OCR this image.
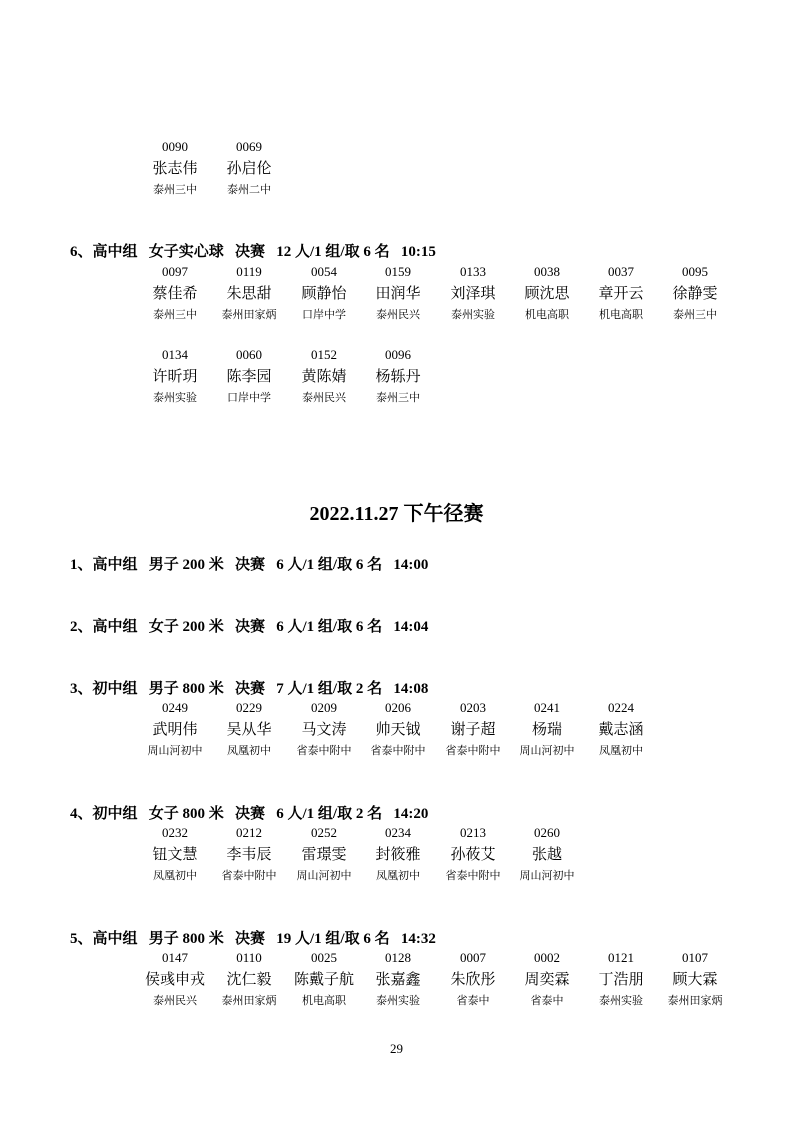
0090
张志伟
泰州三中
0069
孙启伦
泰州二中
6、高中组   女子实心球   决赛   12 人/1 组/取 6 名   10:15
0097
蔡佳希
泰州三中
0119
朱思甜
泰州田家炳
0054
顾静怡
口岸中学
0159
田润华
泰州民兴
0133
刘泽琪
泰州实验
0038
顾沈思
机电高职
0037
章开云
机电高职
0095
徐静雯
泰州三中
0134
许昕玥
泰州实验
0060
陈李园
口岸中学
0152
黄陈婧
泰州民兴
0096
杨轹丹
泰州三中
2022.11.27 下午径赛
1、高中组   男子 200 米   决赛   6 人/1 组/取 6 名   14:00
2、高中组   女子 200 米   决赛   6 人/1 组/取 6 名   14:04
3、初中组   男子 800 米   决赛   7 人/1 组/取 2 名   14:08
0249
武明伟
周山河初中
0229
吴从华
凤凰初中
0209
马文涛
省泰中附中
0206
帅天钺
省泰中附中
0203
谢子超
省泰中附中
0241
杨瑞
周山河初中
0224
戴志涵
凤凰初中
4、初中组   女子 800 米   决赛   6 人/1 组/取 2 名   14:20
0232
钮文慧
凤凰初中
0212
李韦辰
省泰中附中
0252
雷璟雯
周山河初中
0234
封筱雅
凤凰初中
0213
孙莜艾
省泰中附中
0260
张越
周山河初中
5、高中组   男子 800 米   决赛   19 人/1 组/取 6 名   14:32
0147
侯彧申戎
泰州民兴
0110
沈仁毅
泰州田家炳
0025
陈戴子航
机电高职
0128
张嘉鑫
泰州实验
0007
朱欣彤
省泰中
0002
周奕霖
省泰中
0121
丁浩朋
泰州实验
0107
顾大霖
泰州田家炳
29
